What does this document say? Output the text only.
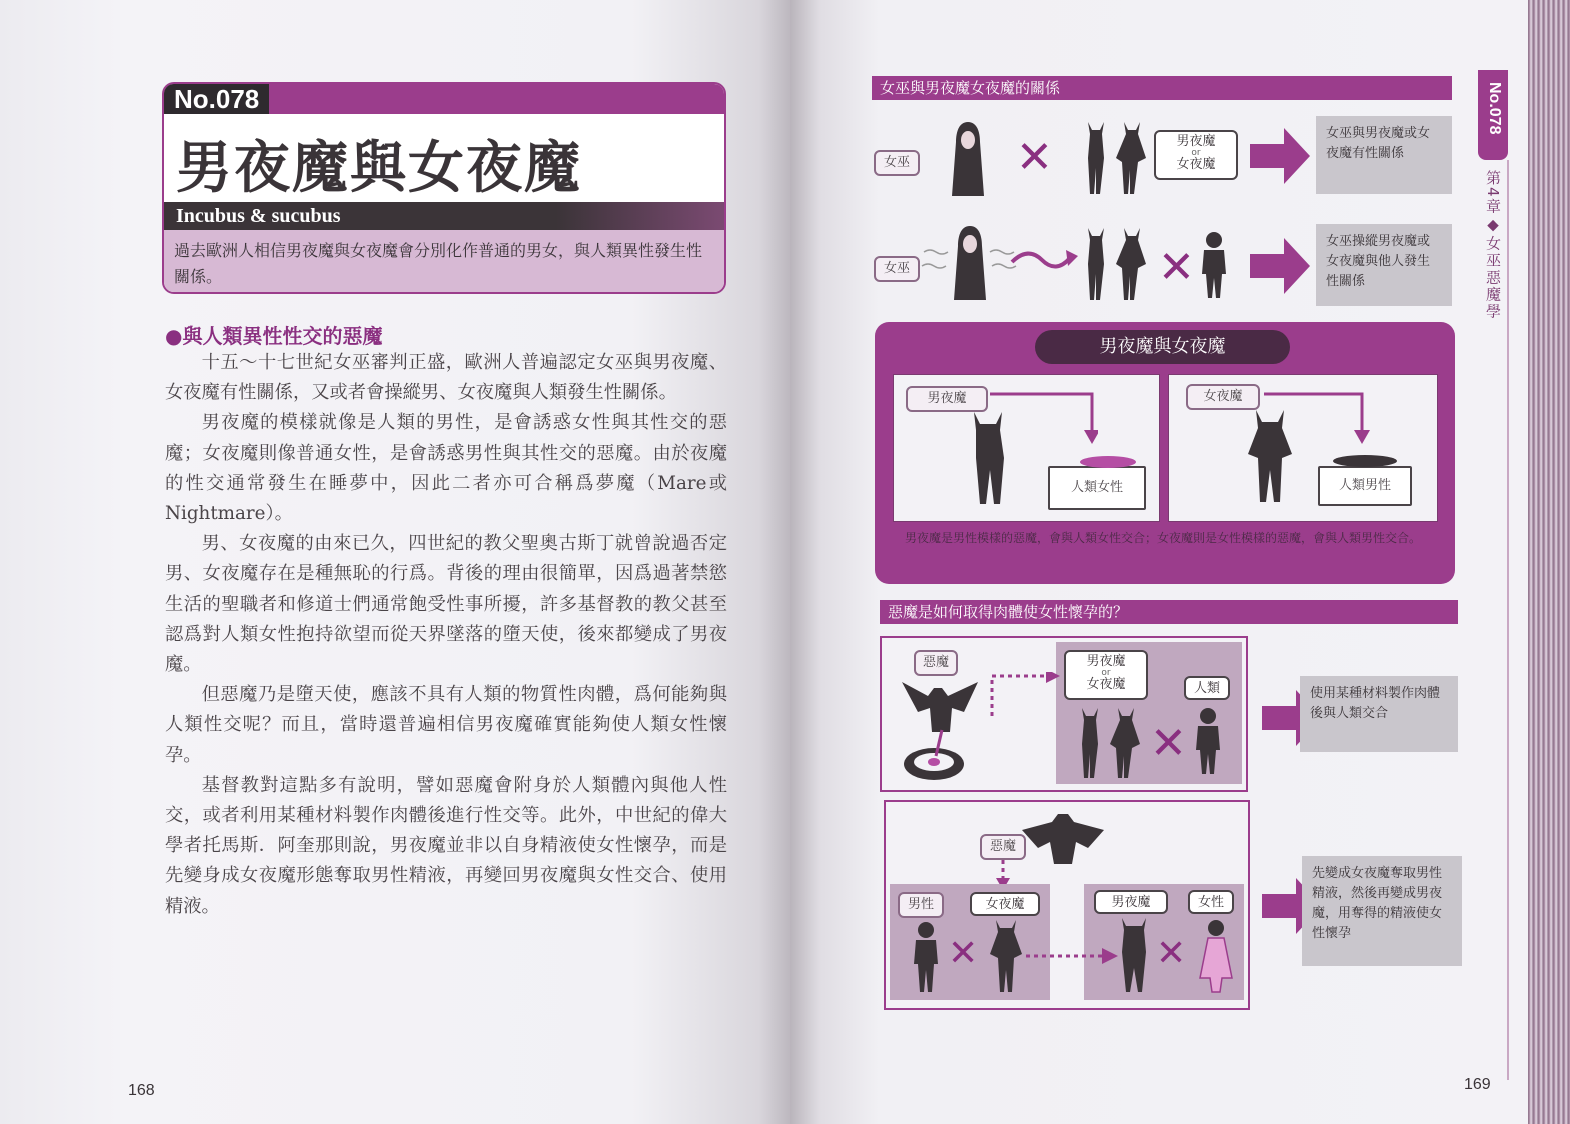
No.078
男夜魔與女夜魔
Incubus & sucubus
過去歐洲人相信男夜魔與女夜魔會分別化作普通的男女，與人類異性發生性關係。
●與人類異性性交的惡魔

十五～十七世紀女巫審判正盛，歐洲人普遍認定女巫與男夜魔、女夜魔有性關係，又或者會操縱男、女夜魔與人類發生性關係。

男夜魔的模樣就像是人類的男性，是會誘惑女性與其性交的惡魔；女夜魔則像普通女性，是會誘惑男性與其性交的惡魔。由於夜魔的性交通常發生在睡夢中，因此二者亦可合稱爲夢魔（Mare或Nightmare）。

男、女夜魔的由來已久，四世紀的教父聖奧古斯丁就曾說過否定男、女夜魔存在是種無恥的行爲。背後的理由很簡單，因爲過著禁慾生活的聖職者和修道士們通常飽受性事所擾，許多基督教的教父甚至認爲對人類女性抱持欲望而從天界墜落的墮天使，後來都變成了男夜魔。

但惡魔乃是墮天使，應該不具有人類的物質性肉體，爲何能夠與人類性交呢？而且，當時還普遍相信男夜魔確實能夠使人類女性懷孕。

基督教對這點多有說明，譬如惡魔會附身於人類體內與他人性交，或者利用某種材料製作肉體後進行性交等。此外，中世紀的偉大學者托馬斯．阿奎那則說，男夜魔並非以自身精液使女性懷孕，而是先變身成女夜魔形態奪取男性精液，再變回男夜魔與女性交合、使用精液。

168
No.078
第4章◆女巫惡魔學
女巫與男夜魔女夜魔的關係
女巫 ✕	男夜魔
or
女夜魔
女巫與男夜魔或女夜魔有性關係
女巫	✕
女巫操縱男夜魔或女夜魔與他人發生性關係
男夜魔與女夜魔
男夜魔
人類女性
女夜魔
人類男性
男夜魔是男性模樣的惡魔，會與人類女性交合；女夜魔則是女性模樣的惡魔，會與人類男性交合。
惡魔是如何取得肉體使女性懷孕的？
惡魔	男夜魔
or
女夜魔	人類
✕
使用某種材料製作肉體後與人類交合
惡魔
男性	女夜魔	男夜魔	女性
✕	✕
先變成女夜魔奪取男性精液，然後再變成男夜魔，用奪得的精液使女性懷孕
169
